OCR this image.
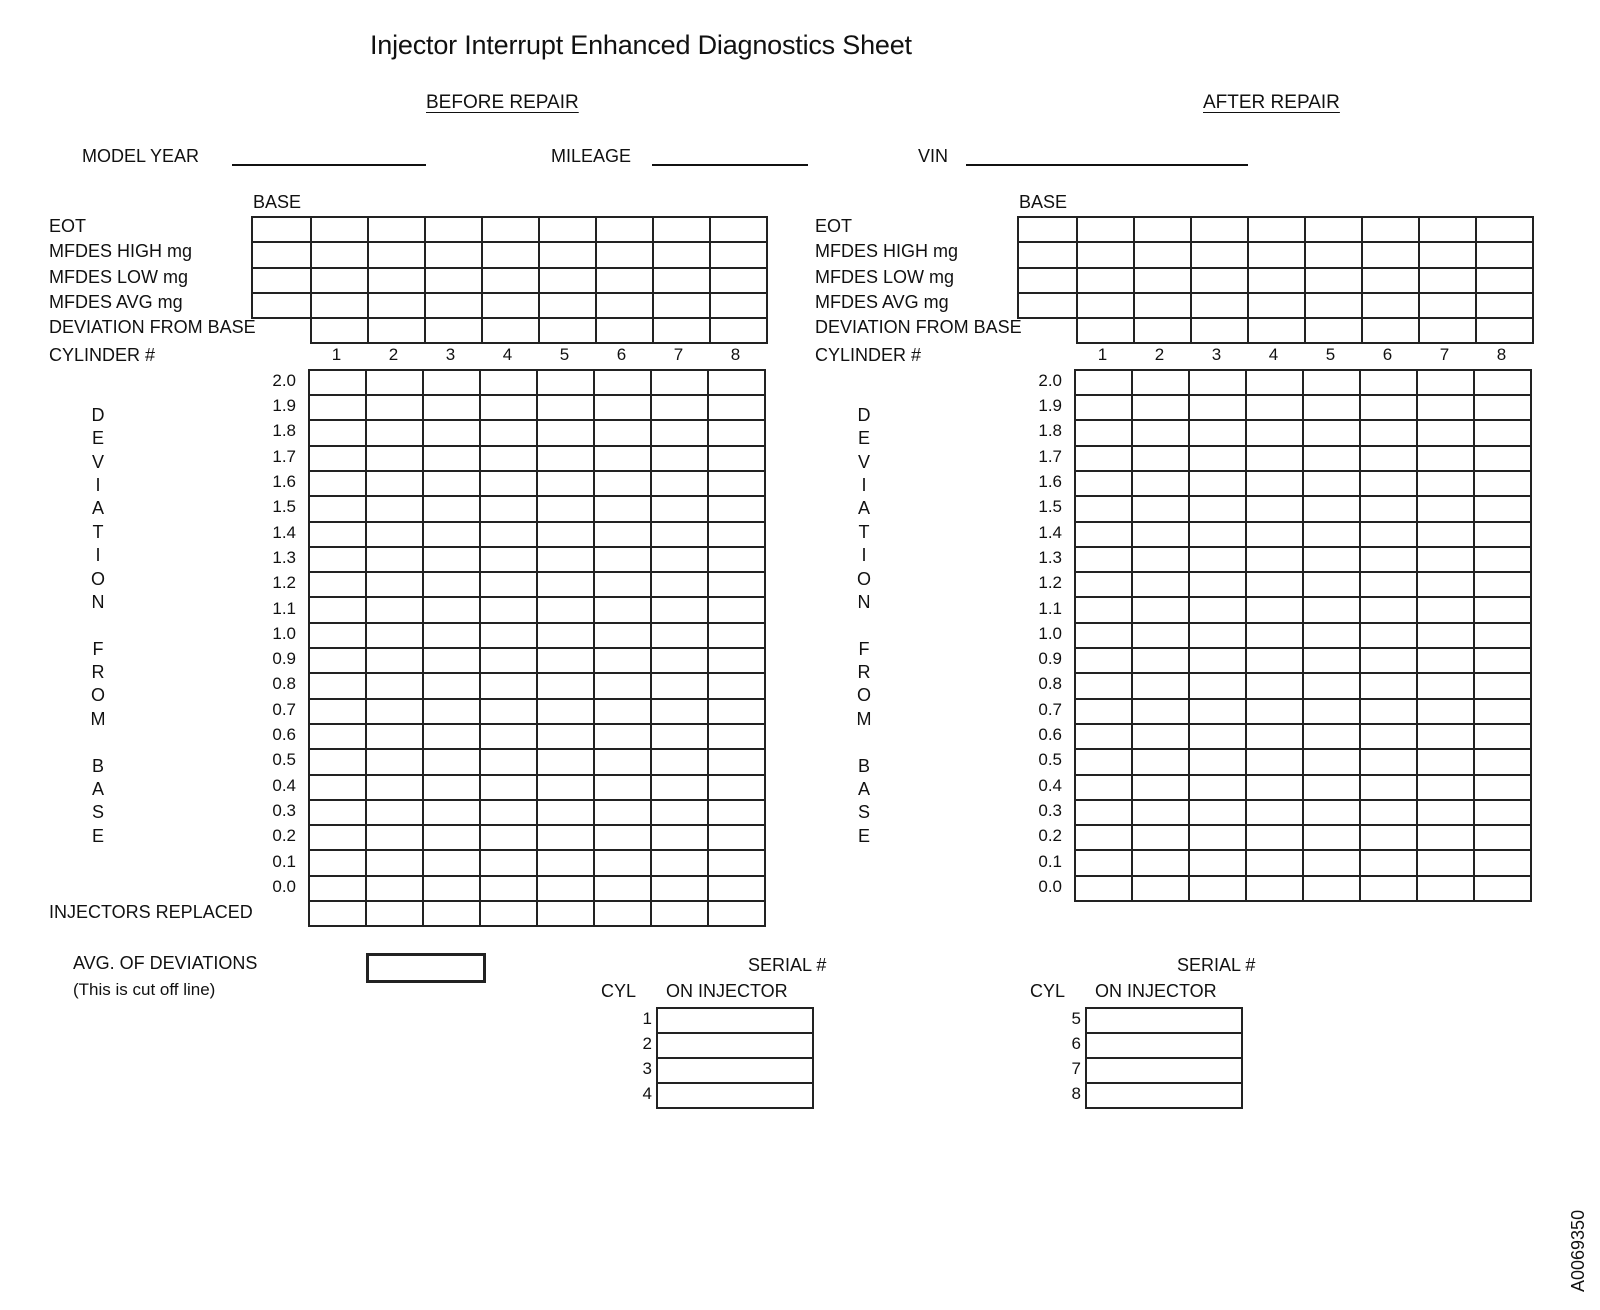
Injector Interrupt Enhanced Diagnostics Sheet
BEFORE REPAIR	AFTER REPAIR
MODEL YEAR	MILEAGE	VIN
BASE
EOT
MFDES HIGH mg
MFDES LOW mg
MFDES AVG mg
DEVIATION FROM BASE

CYLINDER #	1	2	3	4	5	6	7	8

2.0
1.9
1.8
1.7
1.6
1.5
1.4
1.3
1.2
1.1
1.0
0.9
0.8
0.7
0.6
0.5
0.4
0.3
0.2
0.1
0.0
D
E
V
I
A
T
I
O
N
F
R
O
M
B
A
S
E
INJECTORS REPLACED
BASE
EOT
MFDES HIGH mg
MFDES LOW mg
MFDES AVG mg
DEVIATION FROM BASE

CYLINDER #	1	2	3	4	5	6	7	8

2.0
1.9
1.8
1.7
1.6
1.5
1.4
1.3
1.2
1.1
1.0
0.9
0.8
0.7
0.6
0.5
0.4
0.3
0.2
0.1
0.0
D
E
V
I
A
T
I
O
N
F
R
O
M
B
A
S
E
AVG. OF DEVIATIONS
(This is cut off line)
SERIAL #
CYL ON INJECTOR
1
2
3
4

SERIAL #
CYL ON INJECTOR
5
6
7
8

A0069350
